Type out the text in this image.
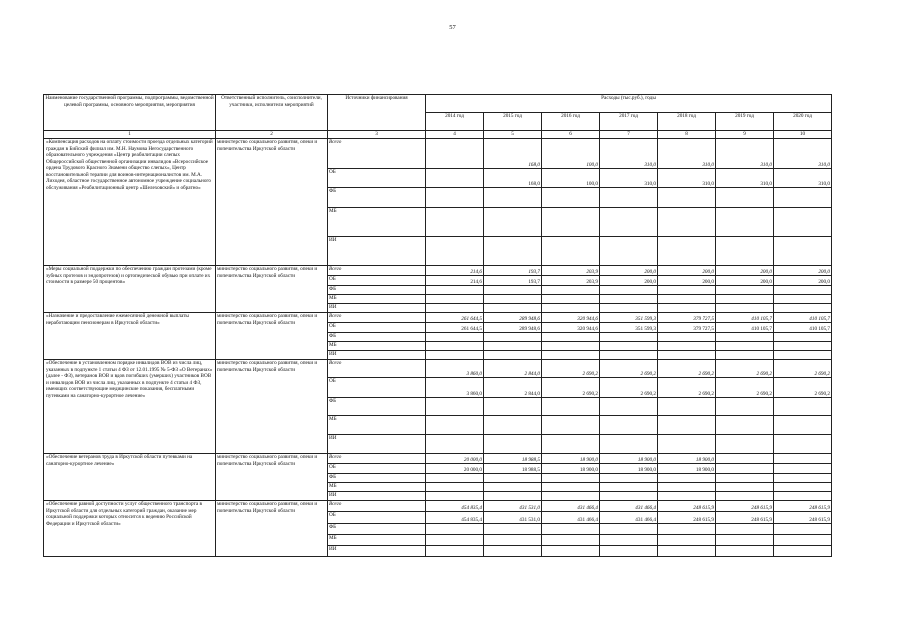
57
Наименование государственной программы, подпрограммы, ведомственной целевой программы, основного мероприятия, мероприятия	Ответственный исполнитель, соисполнители, участники, исполнители мероприятий	Источники финансирования	Расходы (тыс.руб.), годы						
			2014 год	2015 год	2016 год	2017 год	2018 год	2019 год	2020 год
1	2	3	4	5	6	7	8	9	10
«Компенсация расходов на оплату стоимости проезда отдельных категорий граждан в Бийский филиал им. М.Н. Наумова Негосударственного образовательного учреждения «Центр реабилитации слепых Общероссийской общественной организации инвалидов «Всероссийское ордена Трудового Красного Знамени общество слепых», Центр восстановительной терапии для воинов-интернационалистов им. М.А. Лиходея, областное государственное автономное учреждение социального обслуживания «Реабилитационный центр «Шелеховский» и обратно»	министерство социального развития, опеки и попечительства Иркутской области	Всего		168,0	100,0	310,0	310,0	310,0	310,0
		ОБ		168,0	100,0	310,0	310,0	310,0	310,0
		ФБ							
		МБ							
		ИИ							
«Меры социальной поддержки по обеспечению граждан протезами (кроме зубных протезов и эндопротезов) и ортопедической обувью при оплате их стоимости в размере 50 процентов»	министерство социального развития, опеки и попечительства Иркутской области	Всего	214,6	193,7	203,9	200,0	200,0	200,0	200,0
		ОБ	214,6	193,7	203,9	200,0	200,0	200,0	200,0
		ФБ							
		МБ							
		ИИ							
«Назначение и предоставление ежемесячной денежной выплаты неработающим пенсионерам в Иркутской области»	министерство социального развития, опеки и попечительства Иркутской области	Всего	261 644,5	289 948,6	320 944,6	351 599,3	379 727,5	410 105,7	410 105,7
		ОБ	261 644,5	289 948,6	320 944,6	351 599,3	379 727,5	410 105,7	410 105,7
		ФБ							
		МБ							
		ИИ							
«Обеспечение в установленном порядке инвалидов ВОВ из числа лиц, указанных в подпункте 1 статьи 4 ФЗ от 12.01.1995 № 5-ФЗ «О Ветеранах» (далее - ФЗ), ветеранов ВОВ и вдов погибших (умерших) участников ВОВ и инвалидов ВОВ из числа лиц, указанных в подпункте 4 статьи 4 ФЗ, имеющих соответствующие медицинские показания, бесплатными путевками на санаторно-курортное лечение»	министерство социального развития, опеки и попечительства Иркутской области	Всего	3 860,0	2 844,0	2 690,2	2 690,2	2 690,2	2 690,2	2 690,2
		ОБ	3 860,0	2 844,0	2 690,2	2 690,2	2 690,2	2 690,2	2 690,2
		ФБ							
		МБ							
		ИИ							
«Обеспечение ветеранов труда в Иркутской области путевками на санаторно-курортное лечение»	министерство социального развития, опеки и попечительства Иркутской области	Всего	20 000,0	18 988,5	18 900,0	18 900,0	18 900,0		
		ОБ	20 000,0	18 988,5	18 900,0	18 900,0	18 900,0		
		ФБ							
		МБ							
		ИИ							
«Обеспечение равной доступности услуг общественного транспорта в Иркутской области для отдельных категорий граждан, оказание мер социальной поддержки которых относится к ведению Российской Федерации и Иркутской области»	министерство социального развития, опеки и попечительства Иркутской области	Всего	454 835,4	431 531,0	431 466,4	431 466,4	248 615,9	248 615,9	248 615,9
		ОБ	454 835,4	431 531,0	431 466,4	431 466,4	248 615,9	248 615,9	248 615,9
		ФБ							
		МБ							
		ИИ							
